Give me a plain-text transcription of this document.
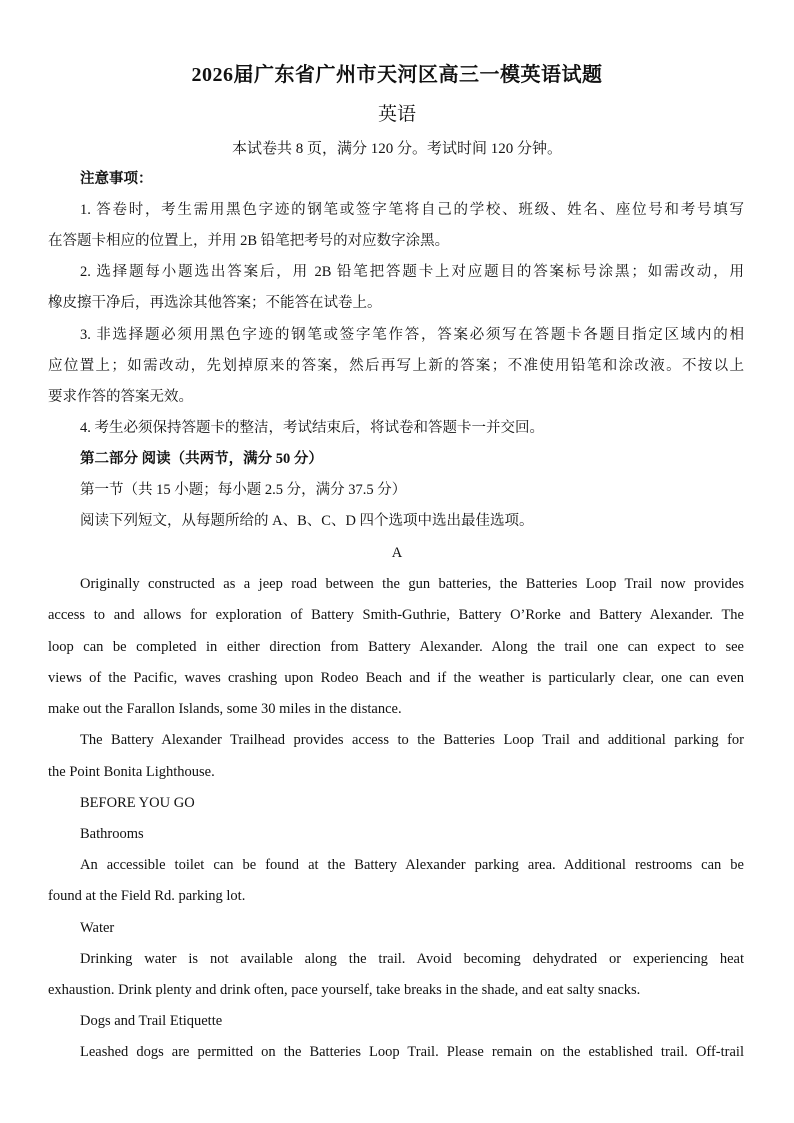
2026届广东省广州市天河区高三一模英语试题
英语
本试卷共 8 页，满分 120 分。考试时间 120 分钟。
注意事项：
1. 答卷时，考生需用黑色字迹的钢笔或签字笔将自己的学校、班级、姓名、座位号和考号填写
在答题卡相应的位置上，并用 2B 铅笔把考号的对应数字涂黑。
2. 选择题每小题选出答案后，用 2B 铅笔把答题卡上对应题目的答案标号涂黑；如需改动，用
橡皮擦干净后，再选涂其他答案；不能答在试卷上。
3. 非选择题必须用黑色字迹的钢笔或签字笔作答，答案必须写在答题卡各题目指定区域内的相
应位置上；如需改动，先划掉原来的答案，然后再写上新的答案；不准使用铅笔和涂改液。不按以上
要求作答的答案无效。
4. 考生必须保持答题卡的整洁，考试结束后，将试卷和答题卡一并交回。
第二部分 阅读（共两节，满分 50 分）
第一节（共 15 小题；每小题 2.5 分，满分 37.5 分）
阅读下列短文，从每题所给的 A、B、C、D 四个选项中选出最佳选项。
A
Originally constructed as a jeep road between the gun batteries, the Batteries Loop Trail now provides
access to and allows for exploration of Battery Smith-Guthrie, Battery O’Rorke and Battery Alexander. The
loop can be completed in either direction from Battery Alexander. Along the trail one can expect to see
views of the Pacific, waves crashing upon Rodeo Beach and if the weather is particularly clear, one can even
make out the Farallon Islands, some 30 miles in the distance.
The Battery Alexander Trailhead provides access to the Batteries Loop Trail and additional parking for
the Point Bonita Lighthouse.
BEFORE YOU GO
Bathrooms
An accessible toilet can be found at the Battery Alexander parking area. Additional restrooms can be
found at the Field Rd. parking lot.
Water
Drinking water is not available along the trail. Avoid becoming dehydrated or experiencing heat
exhaustion. Drink plenty and drink often, pace yourself, take breaks in the shade, and eat salty snacks.
Dogs and Trail Etiquette
Leashed dogs are permitted on the Batteries Loop Trail. Please remain on the established trail. Off-trail
